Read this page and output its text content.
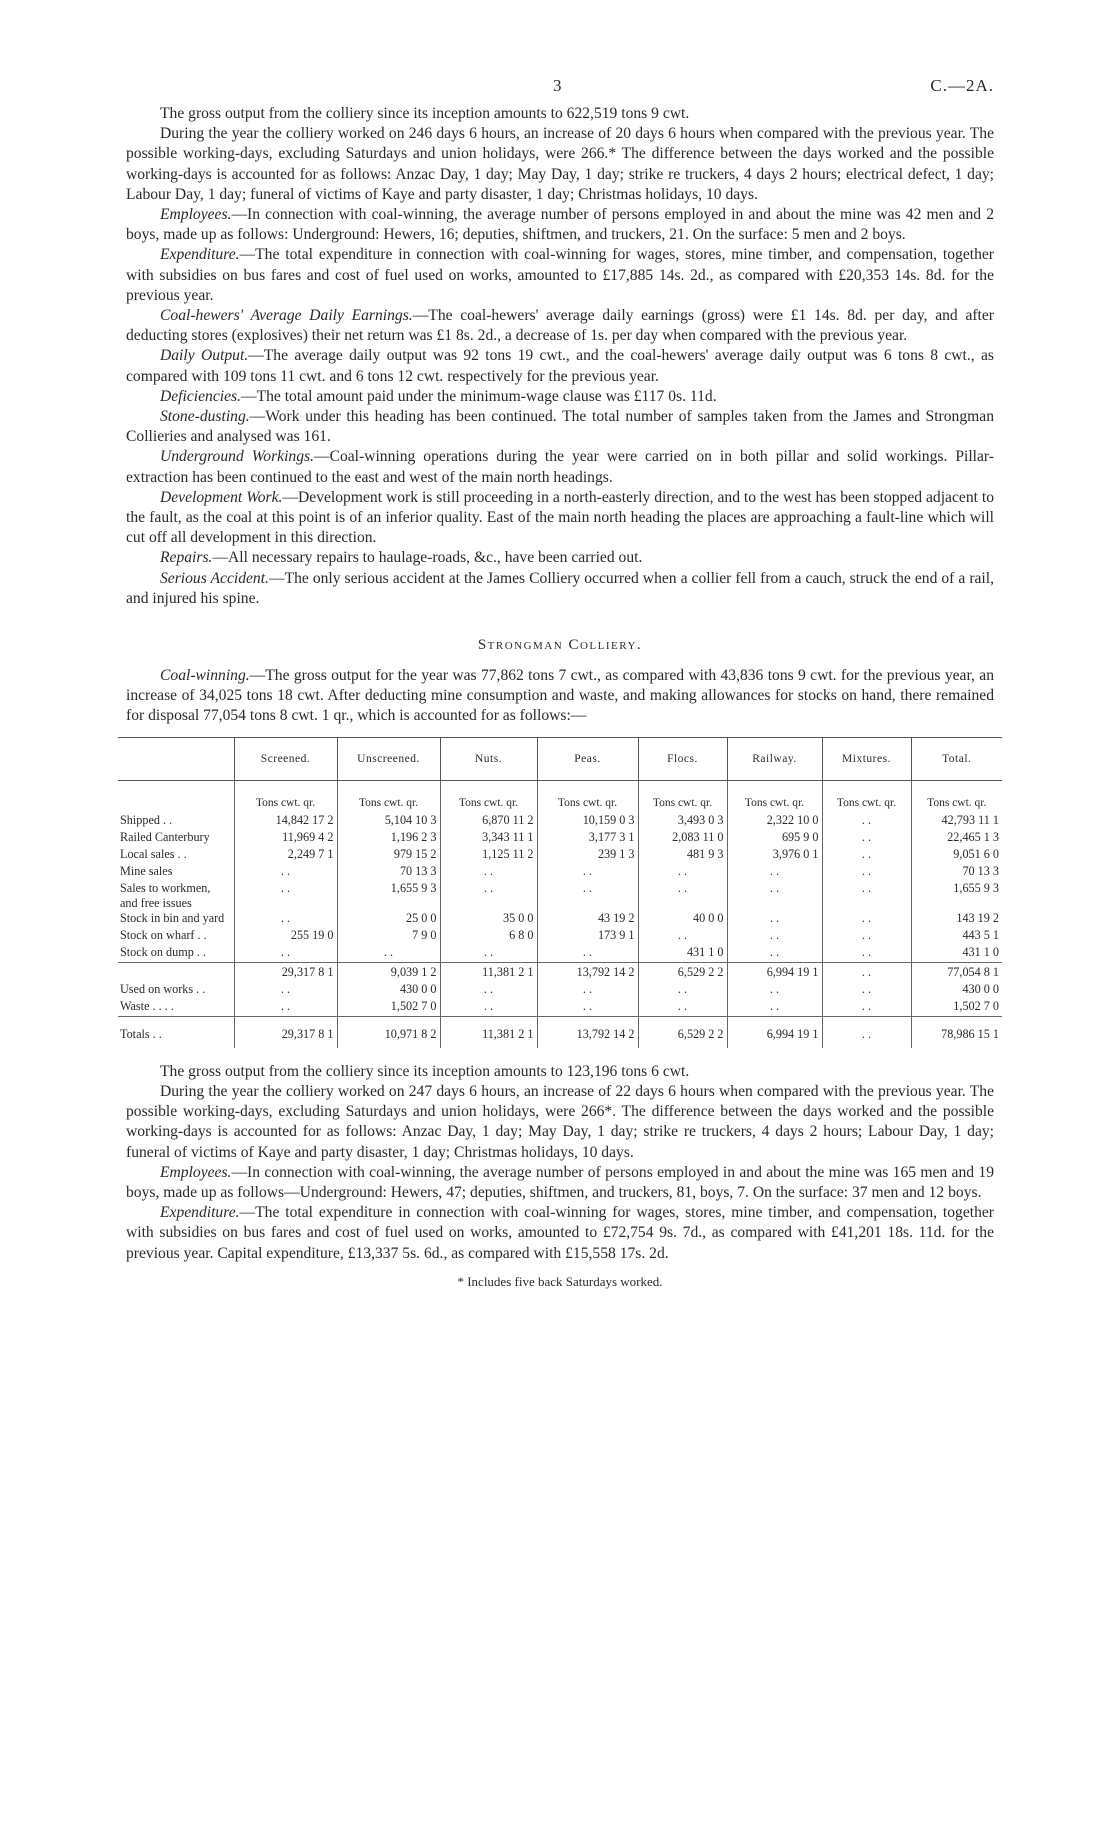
3	C.—2A.

The gross output from the colliery since its inception amounts to 622,519 tons 9 cwt.

During the year the colliery worked on 246 days 6 hours, an increase of 20 days 6 hours when compared with the previous year. The possible working-days, excluding Saturdays and union holidays, were 266.* The difference between the days worked and the possible working-days is accounted for as follows: Anzac Day, 1 day; May Day, 1 day; strike re truckers, 4 days 2 hours; electrical defect, 1 day; Labour Day, 1 day; funeral of victims of Kaye and party disaster, 1 day; Christmas holidays, 10 days.

Employees.—In connection with coal-winning, the average number of persons employed in and about the mine was 42 men and 2 boys, made up as follows: Underground: Hewers, 16; deputies, shiftmen, and truckers, 21. On the surface: 5 men and 2 boys.

Expenditure.—The total expenditure in connection with coal-winning for wages, stores, mine timber, and compensation, together with subsidies on bus fares and cost of fuel used on works, amounted to £17,885 14s. 2d., as compared with £20,353 14s. 8d. for the previous year.

Coal-hewers' Average Daily Earnings.—The coal-hewers' average daily earnings (gross) were £1 14s. 8d. per day, and after deducting stores (explosives) their net return was £1 8s. 2d., a decrease of 1s. per day when compared with the previous year.

Daily Output.—The average daily output was 92 tons 19 cwt., and the coal-hewers' average daily output was 6 tons 8 cwt., as compared with 109 tons 11 cwt. and 6 tons 12 cwt. respectively for the previous year.

Deficiencies.—The total amount paid under the minimum-wage clause was £117 0s. 11d.

Stone-dusting.—Work under this heading has been continued. The total number of samples taken from the James and Strongman Collieries and analysed was 161.

Underground Workings.—Coal-winning operations during the year were carried on in both pillar and solid workings. Pillar-extraction has been continued to the east and west of the main north headings.

Development Work.—Development work is still proceeding in a north-easterly direction, and to the west has been stopped adjacent to the fault, as the coal at this point is of an inferior quality. East of the main north heading the places are approaching a fault-line which will cut off all development in this direction.

Repairs.—All necessary repairs to haulage-roads, &c., have been carried out.

Serious Accident.—The only serious accident at the James Colliery occurred when a collier fell from a cauch, struck the end of a rail, and injured his spine.

Strongman Colliery.

Coal-winning.—The gross output for the year was 77,862 tons 7 cwt., as compared with 43,836 tons 9 cwt. for the previous year, an increase of 34,025 tons 18 cwt. After deducting mine consumption and waste, and making allowances for stocks on hand, there remained for disposal 77,054 tons 8 cwt. 1 qr., which is accounted for as follows:—

	Screened.	Unscreened.	Nuts.	Peas.	Flocs.	Railway.	Mixtures.	Total.
	Tons cwt. qr.	Tons cwt. qr.	Tons cwt. qr.	Tons cwt. qr.	Tons cwt. qr.	Tons cwt. qr.	Tons cwt. qr.	Tons cwt. qr.
Shipped . .	14,842 17 2	5,104 10 3	6,870 11 2	10,159 0 3	3,493 0 3	2,322 10 0	. .	42,793 11 1
Railed Canterbury	11,969 4 2	1,196 2 3	3,343 11 1	3,177 3 1	2,083 11 0	695 9 0	. .	22,465 1 3
Local sales . .	2,249 7 1	979 15 2	1,125 11 2	239 1 3	481 9 3	3,976 0 1	. .	9,051 6 0
Mine sales	. .	70 13 3	. .	. .	. .	. .	. .	70 13 3
Sales to workmen, and free issues	. .	1,655 9 3	. .	. .	. .	. .	. .	1,655 9 3
Stock in bin and yard	. .	25 0 0	35 0 0	43 19 2	40 0 0	. .	. .	143 19 2
Stock on wharf . .	255 19 0	7 9 0	6 8 0	173 9 1	. .	. .	. .	443 5 1
Stock on dump . .	. .	. .	. .	. .	431 1 0	. .	. .	431 1 0
	29,317 8 1	9,039 1 2	11,381 2 1	13,792 14 2	6,529 2 2	6,994 19 1	. .	77,054 8 1
Used on works . .	. .	430 0 0	. .	. .	. .	. .	. .	430 0 0
Waste . . . .	. .	1,502 7 0	. .	. .	. .	. .	. .	1,502 7 0
Totals . .	29,317 8 1	10,971 8 2	11,381 2 1	13,792 14 2	6,529 2 2	6,994 19 1	. .	78,986 15 1

The gross output from the colliery since its inception amounts to 123,196 tons 6 cwt.

During the year the colliery worked on 247 days 6 hours, an increase of 22 days 6 hours when compared with the previous year. The possible working-days, excluding Saturdays and union holidays, were 266*. The difference between the days worked and the possible working-days is accounted for as follows: Anzac Day, 1 day; May Day, 1 day; strike re truckers, 4 days 2 hours; Labour Day, 1 day; funeral of victims of Kaye and party disaster, 1 day; Christmas holidays, 10 days.

Employees.—In connection with coal-winning, the average number of persons employed in and about the mine was 165 men and 19 boys, made up as follows—Underground: Hewers, 47; deputies, shiftmen, and truckers, 81, boys, 7. On the surface: 37 men and 12 boys.

Expenditure.—The total expenditure in connection with coal-winning for wages, stores, mine timber, and compensation, together with subsidies on bus fares and cost of fuel used on works, amounted to £72,754 9s. 7d., as compared with £41,201 18s. 11d. for the previous year. Capital expenditure, £13,337 5s. 6d., as compared with £15,558 17s. 2d.

* Includes five back Saturdays worked.
